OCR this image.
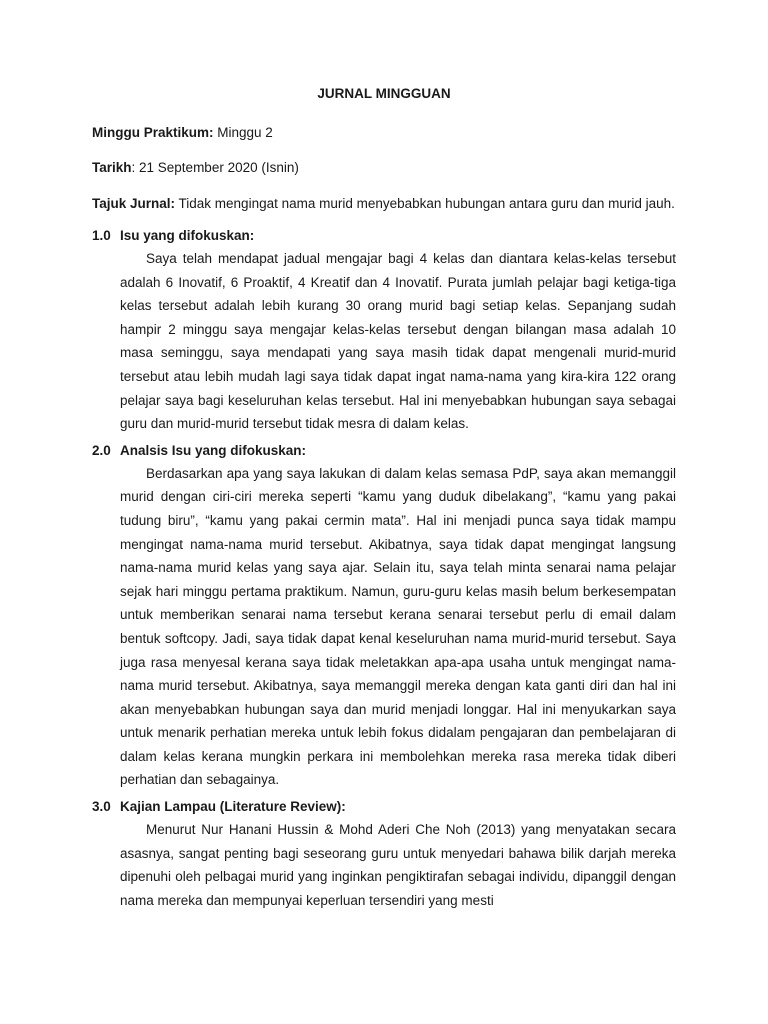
JURNAL MINGGUAN
Minggu Praktikum: Minggu 2
Tarikh: 21 September 2020 (Isnin)
Tajuk Jurnal: Tidak mengingat nama murid menyebabkan hubungan antara guru dan murid jauh.
1.0 Isu yang difokuskan:

Saya telah mendapat jadual mengajar bagi 4 kelas dan diantara kelas-kelas tersebut adalah 6 Inovatif, 6 Proaktif, 4 Kreatif dan 4 Inovatif. Purata jumlah pelajar bagi ketiga-tiga kelas tersebut adalah lebih kurang 30 orang murid bagi setiap kelas. Sepanjang sudah hampir 2 minggu saya mengajar kelas-kelas tersebut dengan bilangan masa adalah 10 masa seminggu, saya mendapati yang saya masih tidak dapat mengenali murid-murid tersebut atau lebih mudah lagi saya tidak dapat ingat nama-nama yang kira-kira 122 orang pelajar saya bagi keseluruhan kelas tersebut. Hal ini menyebabkan hubungan saya sebagai guru dan murid-murid tersebut tidak mesra di dalam kelas.

2.0 Analsis Isu yang difokuskan:

Berdasarkan apa yang saya lakukan di dalam kelas semasa PdP, saya akan memanggil murid dengan ciri-ciri mereka seperti “kamu yang duduk dibelakang”, “kamu yang pakai tudung biru”, “kamu yang pakai cermin mata”. Hal ini menjadi punca saya tidak mampu mengingat nama-nama murid tersebut. Akibatnya, saya tidak dapat mengingat langsung nama-nama murid kelas yang saya ajar. Selain itu, saya telah minta senarai nama pelajar sejak hari minggu pertama praktikum. Namun, guru-guru kelas masih belum berkesempatan untuk memberikan senarai nama tersebut kerana senarai tersebut perlu di email dalam bentuk softcopy. Jadi, saya tidak dapat kenal keseluruhan nama murid-murid tersebut. Saya juga rasa menyesal kerana saya tidak meletakkan apa-apa usaha untuk mengingat nama-nama murid tersebut. Akibatnya, saya memanggil mereka dengan kata ganti diri dan hal ini akan menyebabkan hubungan saya dan murid menjadi longgar. Hal ini menyukarkan saya untuk menarik perhatian mereka untuk lebih fokus didalam pengajaran dan pembelajaran di dalam kelas kerana mungkin perkara ini membolehkan mereka rasa mereka tidak diberi perhatian dan sebagainya.

3.0 Kajian Lampau (Literature Review):

Menurut Nur Hanani Hussin & Mohd Aderi Che Noh (2013) yang menyatakan secara asasnya, sangat penting bagi seseorang guru untuk menyedari bahawa bilik darjah mereka dipenuhi oleh pelbagai murid yang inginkan pengiktirafan sebagai individu, dipanggil dengan nama mereka dan mempunyai keperluan tersendiri yang mesti
